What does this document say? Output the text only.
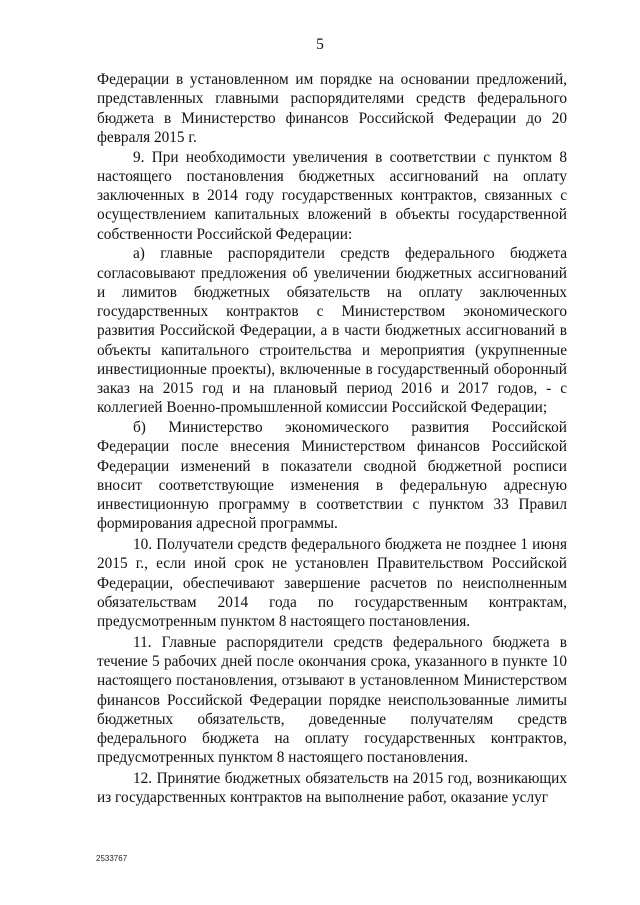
5

Федерации в установленном им порядке на основании предложений, представленных главными распорядителями средств федерального бюджета в Министерство финансов Российской Федерации до 20 февраля 2015 г.

9. При необходимости увеличения в соответствии с пунктом 8 настоящего постановления бюджетных ассигнований на оплату заключенных в 2014 году государственных контрактов, связанных с осуществлением капитальных вложений в объекты государственной собственности Российской Федерации:

а) главные распорядители средств федерального бюджета согласовывают предложения об увеличении бюджетных ассигнований и лимитов бюджетных обязательств на оплату заключенных государственных контрактов с Министерством экономического развития Российской Федерации, а в части бюджетных ассигнований в объекты капитального строительства и мероприятия (укрупненные инвестиционные проекты), включенные в государственный оборонный заказ на 2015 год и на плановый период 2016 и 2017 годов, - с коллегией Военно-промышленной комиссии Российской Федерации;

б) Министерство экономического развития Российской Федерации после внесения Министерством финансов Российской Федерации изменений в показатели сводной бюджетной росписи вносит соответствующие изменения в федеральную адресную инвестиционную программу в соответствии с пунктом 33 Правил формирования адресной программы.

10. Получатели средств федерального бюджета не позднее 1 июня 2015 г., если иной срок не установлен Правительством Российской Федерации, обеспечивают завершение расчетов по неисполненным обязательствам 2014 года по государственным контрактам, предусмотренным пунктом 8 настоящего постановления.

11. Главные распорядители средств федерального бюджета в течение 5 рабочих дней после окончания срока, указанного в пункте 10 настоящего постановления, отзывают в установленном Министерством финансов Российской Федерации порядке неиспользованные лимиты бюджетных обязательств, доведенные получателям средств федерального бюджета на оплату государственных контрактов, предусмотренных пунктом 8 настоящего постановления.

12. Принятие бюджетных обязательств на 2015 год, возникающих из государственных контрактов на выполнение работ, оказание услуг

2533767
